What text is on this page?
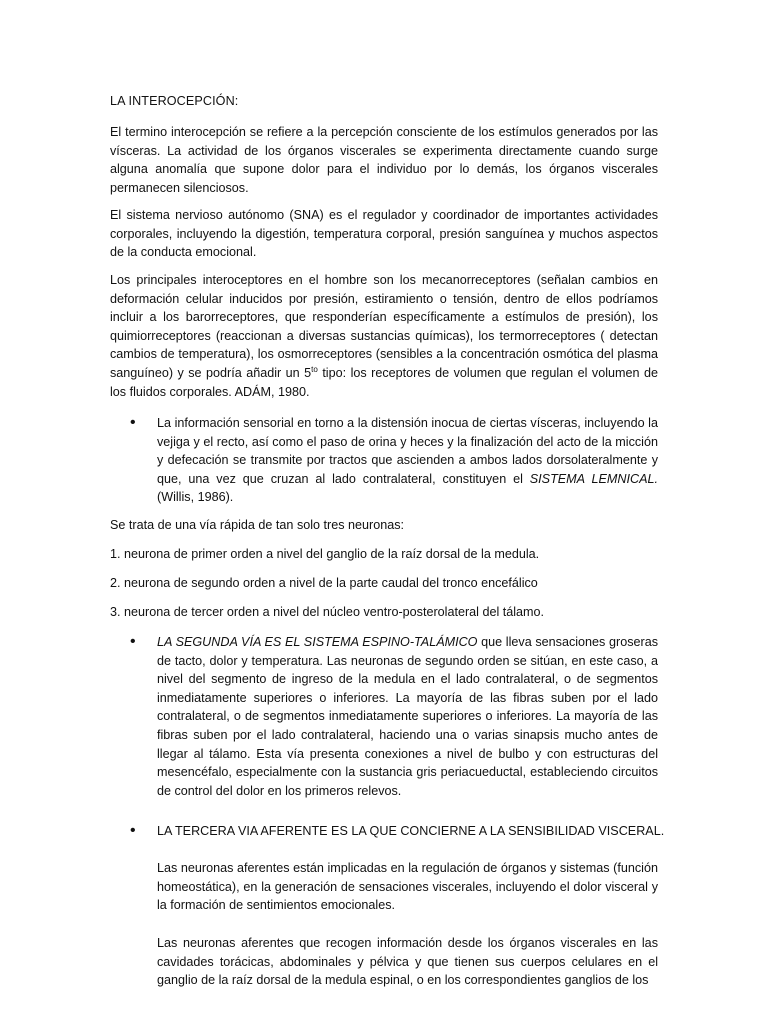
LA INTEROCEPCIÓN:

El termino interocepción se refiere a la percepción consciente de los estímulos generados por las vísceras. La actividad de los órganos viscerales se experimenta directamente cuando surge alguna anomalía que supone dolor para el individuo por lo demás, los órganos viscerales permanecen silenciosos.

El sistema nervioso autónomo (SNA) es el regulador y coordinador de importantes actividades corporales, incluyendo la digestión, temperatura corporal, presión sanguínea y muchos aspectos de la conducta emocional.

Los principales interoceptores en el hombre son los mecanorreceptores (señalan cambios en deformación celular inducidos por presión, estiramiento o tensión, dentro de ellos podríamos incluir a los barorreceptores, que responderían específicamente a estímulos de presión), los quimiorreceptores (reaccionan a diversas sustancias químicas), los termorreceptores ( detectan cambios de temperatura), los osmorreceptores (sensibles a la concentración osmótica del plasma sanguíneo) y se podría añadir un $5^{to}$ tipo: los receptores de volumen que regulan el volumen de los fluidos corporales. ADÁM, 1980.

• La información sensorial en torno a la distensión inocua de ciertas vísceras, incluyendo la vejiga y el recto, así como el paso de orina y heces y la finalización del acto de la micción y defecación se transmite por tractos que ascienden a ambos lados dorsolateralmente y que, una vez que cruzan al lado contralateral, constituyen el SISTEMA LEMNICAL. (Willis, 1986).

Se trata de una vía rápida de tan solo tres neuronas:

1. neurona de primer orden a nivel del ganglio de la raíz dorsal de la medula.

2. neurona de segundo orden a nivel de la parte caudal del tronco encefálico

3. neurona de tercer orden a nivel del núcleo ventro-posterolateral del tálamo.

• LA SEGUNDA VÍA ES EL SISTEMA ESPINO-TALÁMICO que lleva sensaciones groseras de tacto, dolor y temperatura. Las neuronas de segundo orden se sitúan, en este caso, a nivel del segmento de ingreso de la medula en el lado contralateral, o de segmentos inmediatamente superiores o inferiores. La mayoría de las fibras suben por el lado contralateral, o de segmentos inmediatamente superiores o inferiores. La mayoría de las fibras suben por el lado contralateral, haciendo una o varias sinapsis mucho antes de llegar al tálamo. Esta vía presenta conexiones a nivel de bulbo y con estructuras del mesencéfalo, especialmente con la sustancia gris periacueductal, estableciendo circuitos de control del dolor en los primeros relevos.

• LA TERCERA VIA AFERENTE ES LA QUE CONCIERNE A LA SENSIBILIDAD VISCERAL.

Las neuronas aferentes están implicadas en la regulación de órganos y sistemas (función homeostática), en la generación de sensaciones viscerales, incluyendo el dolor visceral y la formación de sentimientos emocionales.

Las neuronas aferentes que recogen información desde los órganos viscerales en las cavidades torácicas, abdominales y pélvica y que tienen sus cuerpos celulares en el ganglio de la raíz dorsal de la medula espinal, o en los correspondientes ganglios de los
